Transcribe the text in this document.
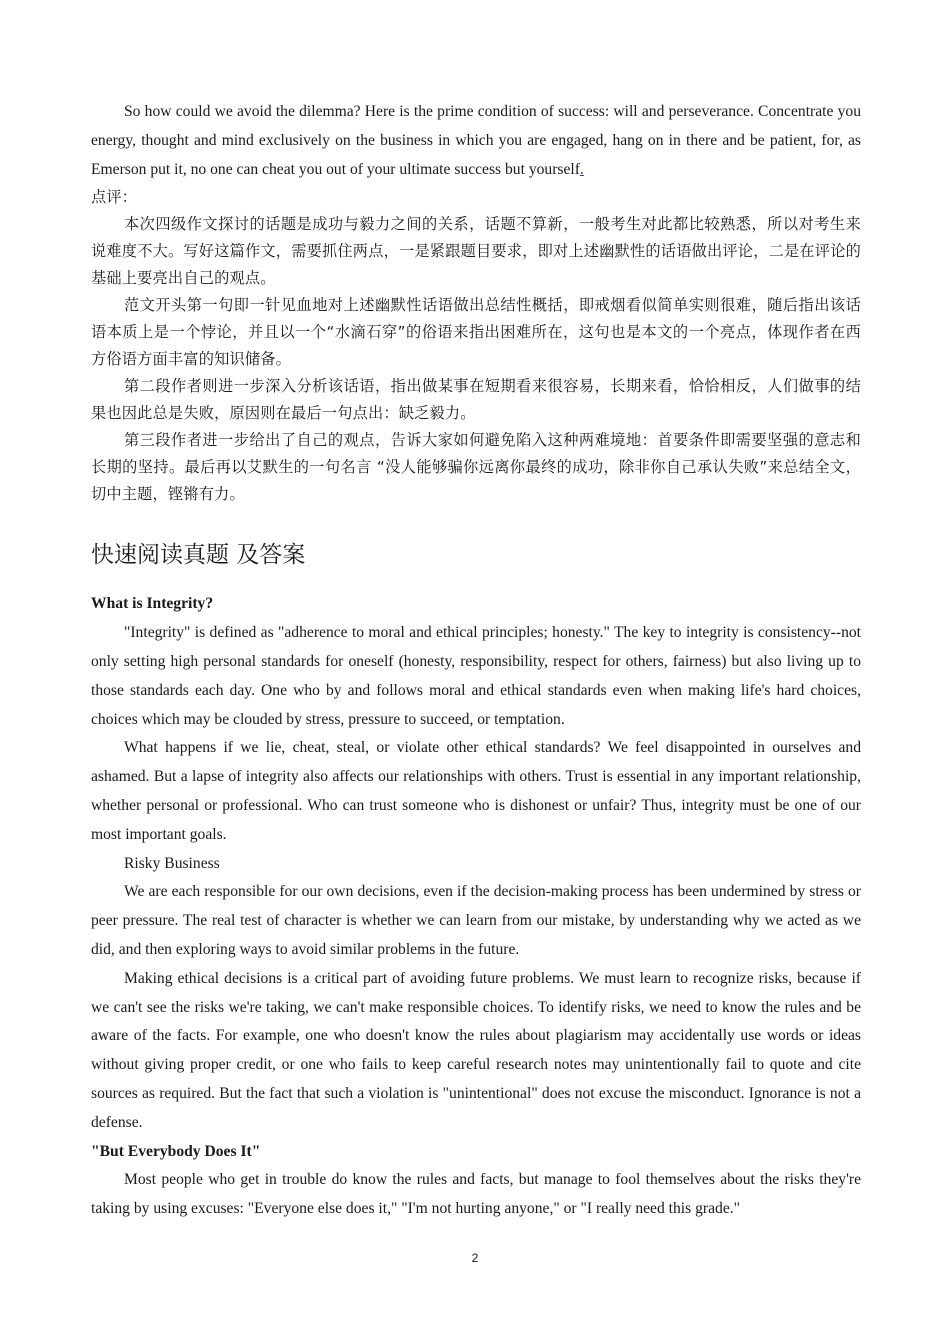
So how could we avoid the dilemma? Here is the prime condition of success: will and perseverance. Concentrate you energy, thought and mind exclusively on the business in which you are engaged, hang on in there and be patient, for, as Emerson put it, no one can cheat you out of your ultimate success but yourself.

点评：

本次四级作文探讨的话题是成功与毅力之间的关系，话题不算新，一般考生对此都比较熟悉，所以对考生来说难度不大。写好这篇作文，需要抓住两点，一是紧跟题目要求，即对上述幽默性的话语做出评论，二是在评论的基础上要亮出自己的观点。

范文开头第一句即一针见血地对上述幽默性话语做出总结性概括，即戒烟看似简单实则很难，随后指出该话语本质上是一个悖论，并且以一个“水滴石穿”的俗语来指出困难所在，这句也是本文的一个亮点，体现作者在西方俗语方面丰富的知识储备。

第二段作者则进一步深入分析该话语，指出做某事在短期看来很容易，长期来看，恰恰相反，人们做事的结果也因此总是失败，原因则在最后一句点出：缺乏毅力。

第三段作者进一步给出了自己的观点，告诉大家如何避免陷入这种两难境地：首要条件即需要坚强的意志和长期的坚持。最后再以艾默生的一句名言 “没人能够骗你远离你最终的成功，除非你自己承认失败”来总结全文，切中主题，铿锵有力。

快速阅读真题 及答案

What is Integrity?

"Integrity" is defined as "adherence to moral and ethical principles; honesty." The key to integrity is consistency--not only setting high personal standards for oneself (honesty, responsibility, respect for others, fairness) but also living up to those standards each day. One who by and follows moral and ethical standards even when making life's hard choices, choices which may be clouded by stress, pressure to succeed, or temptation.

What happens if we lie, cheat, steal, or violate other ethical standards? We feel disappointed in ourselves and ashamed. But a lapse of integrity also affects our relationships with others. Trust is essential in any important relationship, whether personal or professional. Who can trust someone who is dishonest or unfair? Thus, integrity must be one of our most important goals.

Risky Business

We are each responsible for our own decisions, even if the decision-making process has been undermined by stress or peer pressure. The real test of character is whether we can learn from our mistake, by understanding why we acted as we did, and then exploring ways to avoid similar problems in the future.

Making ethical decisions is a critical part of avoiding future problems. We must learn to recognize risks, because if we can't see the risks we're taking, we can't make responsible choices. To identify risks, we need to know the rules and be aware of the facts. For example, one who doesn't know the rules about plagiarism may accidentally use words or ideas without giving proper credit, or one who fails to keep careful research notes may unintentionally fail to quote and cite sources as required. But the fact that such a violation is "unintentional" does not excuse the misconduct. Ignorance is not a defense.

"But Everybody Does It"

Most people who get in trouble do know the rules and facts, but manage to fool themselves about the risks they're taking by using excuses: "Everyone else does it," "I'm not hurting anyone," or "I really need this grade."

2
